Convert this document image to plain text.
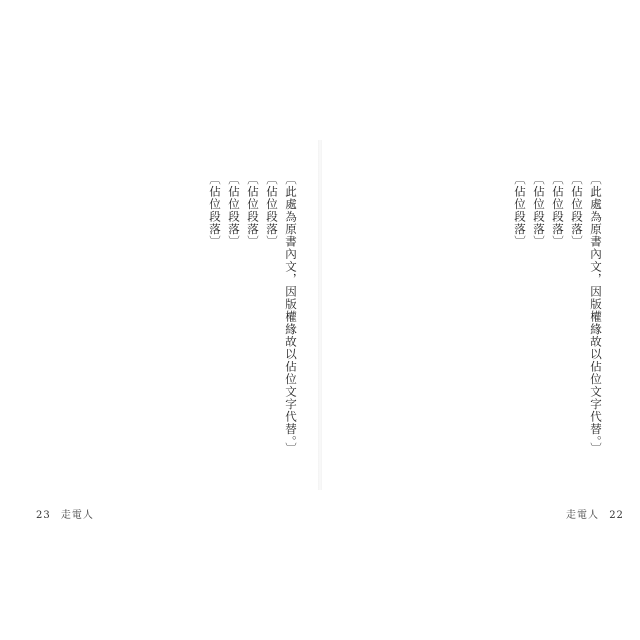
〔此處為原書內文，因版權緣故以佔位文字代替。〕

〔佔位段落〕

〔佔位段落〕

〔佔位段落〕

〔佔位段落〕	〔此處為原書內文，因版權緣故以佔位文字代替。〕

〔佔位段落〕

〔佔位段落〕

〔佔位段落〕

〔佔位段落〕

23 走電人	走電人 22
